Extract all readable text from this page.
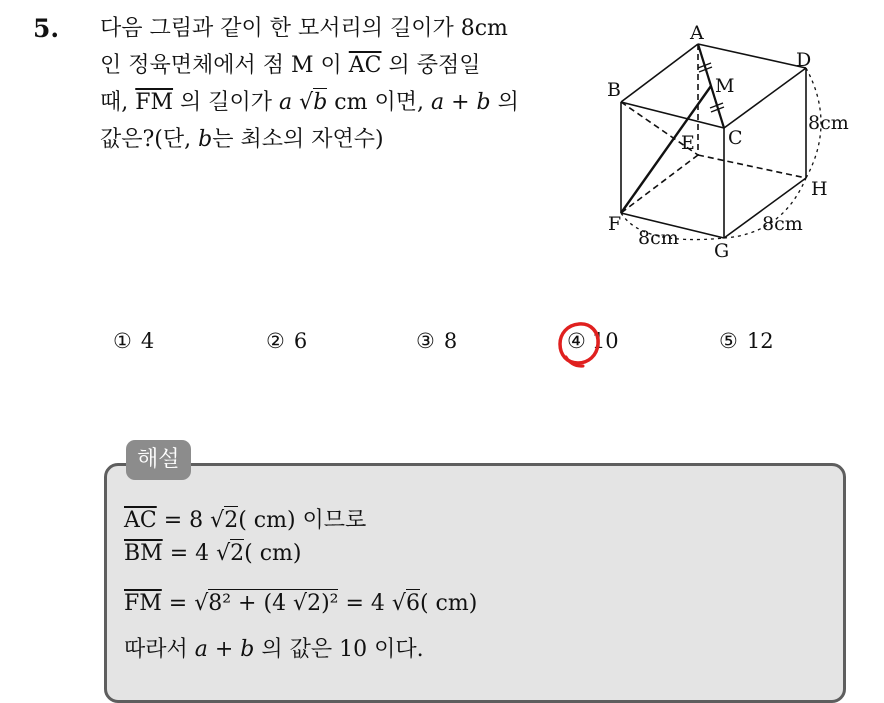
5. 다음 그림과 같이 한 모서리의 길이가 8cm
인 정육면체에서 점 M 이 $\overline{AC}$ 의 중점일
때, $\overline{FM}$ 의 길이가 a √b cm 이면, a + b 의
값은?(단, b는 최소의 자연수)
A
B
C
D
E
F
G
H
M
8cm
8cm
8cm
① 4	② 6	③ 8	④ 10	⑤ 12
해설
$\overline{AC} = 8$ √2( cm) 이므로
$\overline{BM} = 4$ √2( cm)
$\overline{FM} = √8^2 + (4$ √2)² = 4 √6( cm)
따라서 a + b 의 값은 10 이다.
